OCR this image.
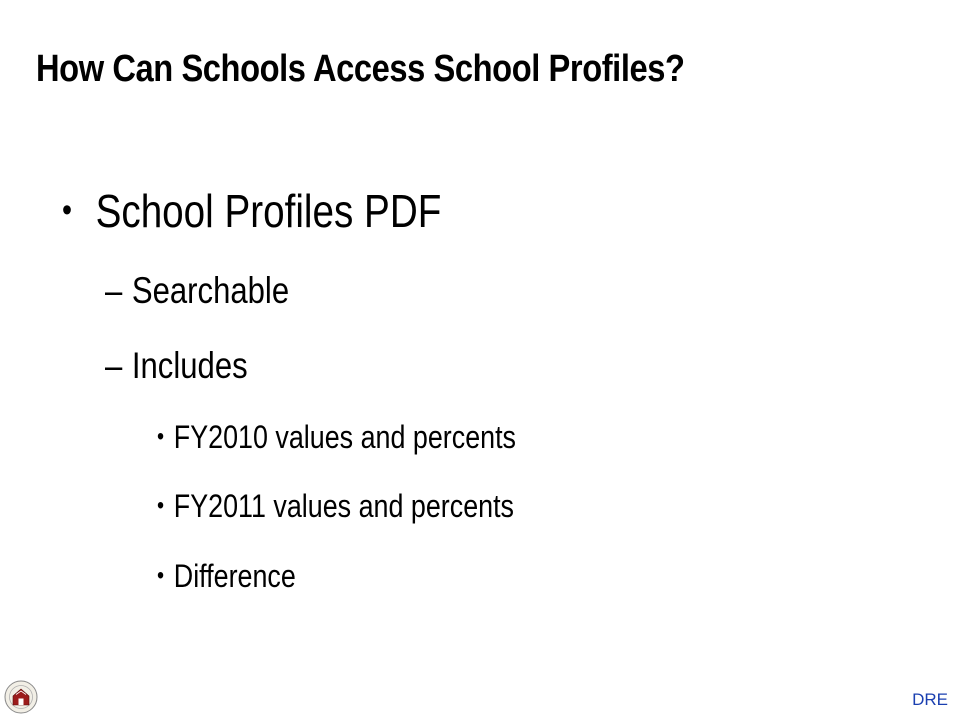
How Can Schools Access School Profiles?
• School Profiles PDF
– Searchable
– Includes
• FY2010 values and percents
• FY2011 values and percents
• Difference
DRE
